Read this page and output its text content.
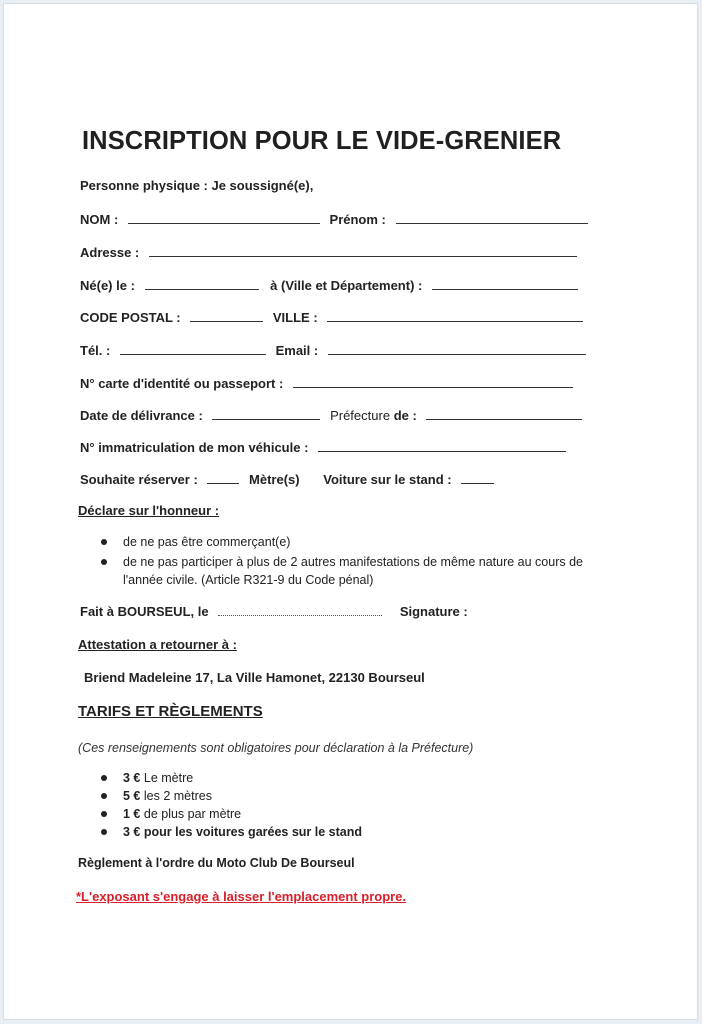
INSCRIPTION POUR LE VIDE-GRENIER
Personne physique : Je soussigné(e),
NOM :	Prénom :
Adresse :
Né(e) le :	à (Ville et Département) :
CODE POSTAL :	VILLE :
Tél. :	Email :
N° carte d'identité ou passeport :
Date de délivrance :	Préfecture de :
N° immatriculation de mon véhicule :
Souhaite réserver :	Mètre(s) Voiture sur le stand :
Déclare sur l'honneur :
de ne pas être commerçant(e)
de ne pas participer à plus de 2 autres manifestations de même nature au cours de
l'année civile. (Article R321-9 du Code pénal)
Fait à BOURSEUL, le	Signature :
Attestation a retourner à :
Briend Madeleine 17, La Ville Hamonet, 22130 Bourseul
TARIFS ET RÈGLEMENTS
(Ces renseignements sont obligatoires pour déclaration à la Préfecture)
3 € Le mètre
5 € les 2 mètres
1 € de plus par mètre
3 € pour les voitures garées sur le stand
Règlement à l'ordre du Moto Club De Bourseul
*L'exposant s'engage à laisser l'emplacement propre.
